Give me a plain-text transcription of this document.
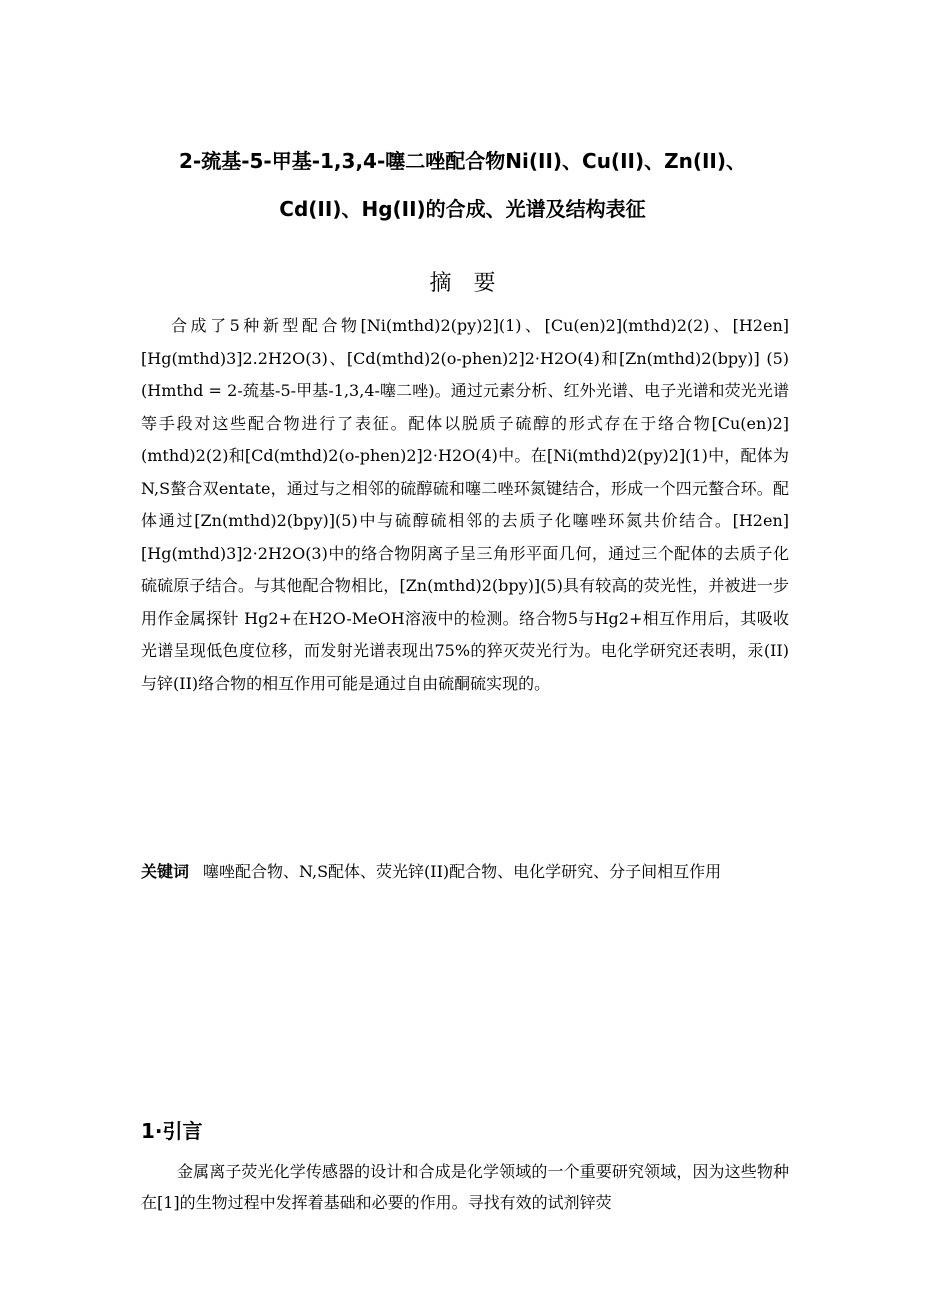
2-巯基-5-甲基-1,3,4-噻二唑配合物Ni(II)、Cu(II)、Zn(II)、
Cd(II)、Hg(II)的合成、光谱及结构表征
摘要

合成了5种新型配合物[Ni(mthd)2(py)2](1)、[Cu(en)2](mthd)2(2)、[H2en][Hg(mthd)3]2.2H2O(3)、[Cd(mthd)2(o-phen)2]2·H2O(4)和[Zn(mthd)2(bpy)] (5) (Hmthd = 2-巯基-5-甲基-1,3,4-噻二唑)。通过元素分析、红外光谱、电子光谱和荧光光谱等手段对这些配合物进行了表征。配体以脱质子硫醇的形式存在于络合物[Cu(en)2](mthd)2(2)和[Cd(mthd)2(o-phen)2]2·H2O(4)中。在[Ni(mthd)2(py)2](1)中，配体为N,S螯合双entate，通过与之相邻的硫醇硫和噻二唑环氮键结合，形成一个四元螯合环。配体通过[Zn(mthd)2(bpy)](5)中与硫醇硫相邻的去质子化噻唑环氮共价结合。[H2en][Hg(mthd)3]2·2H2O(3)中的络合物阴离子呈三角形平面几何，通过三个配体的去质子化硫硫原子结合。与其他配合物相比，[Zn(mthd)2(bpy)](5)具有较高的荧光性，并被进一步用作金属探针 Hg2+在H2O-MeOH溶液中的检测。络合物5与Hg2+相互作用后，其吸收光谱呈现低色度位移，而发射光谱表现出75%的猝灭荧光行为。电化学研究还表明，汞(II)与锌(II)络合物的相互作用可能是通过自由硫酮硫实现的。

关键词 噻唑配合物、N,S配体、荧光锌(II)配合物、电化学研究、分子间相互作用

1·引言

金属离子荧光化学传感器的设计和合成是化学领域的一个重要研究领域，因为这些物种在[1]的生物过程中发挥着基础和必要的作用。寻找有效的试剂锌荧
